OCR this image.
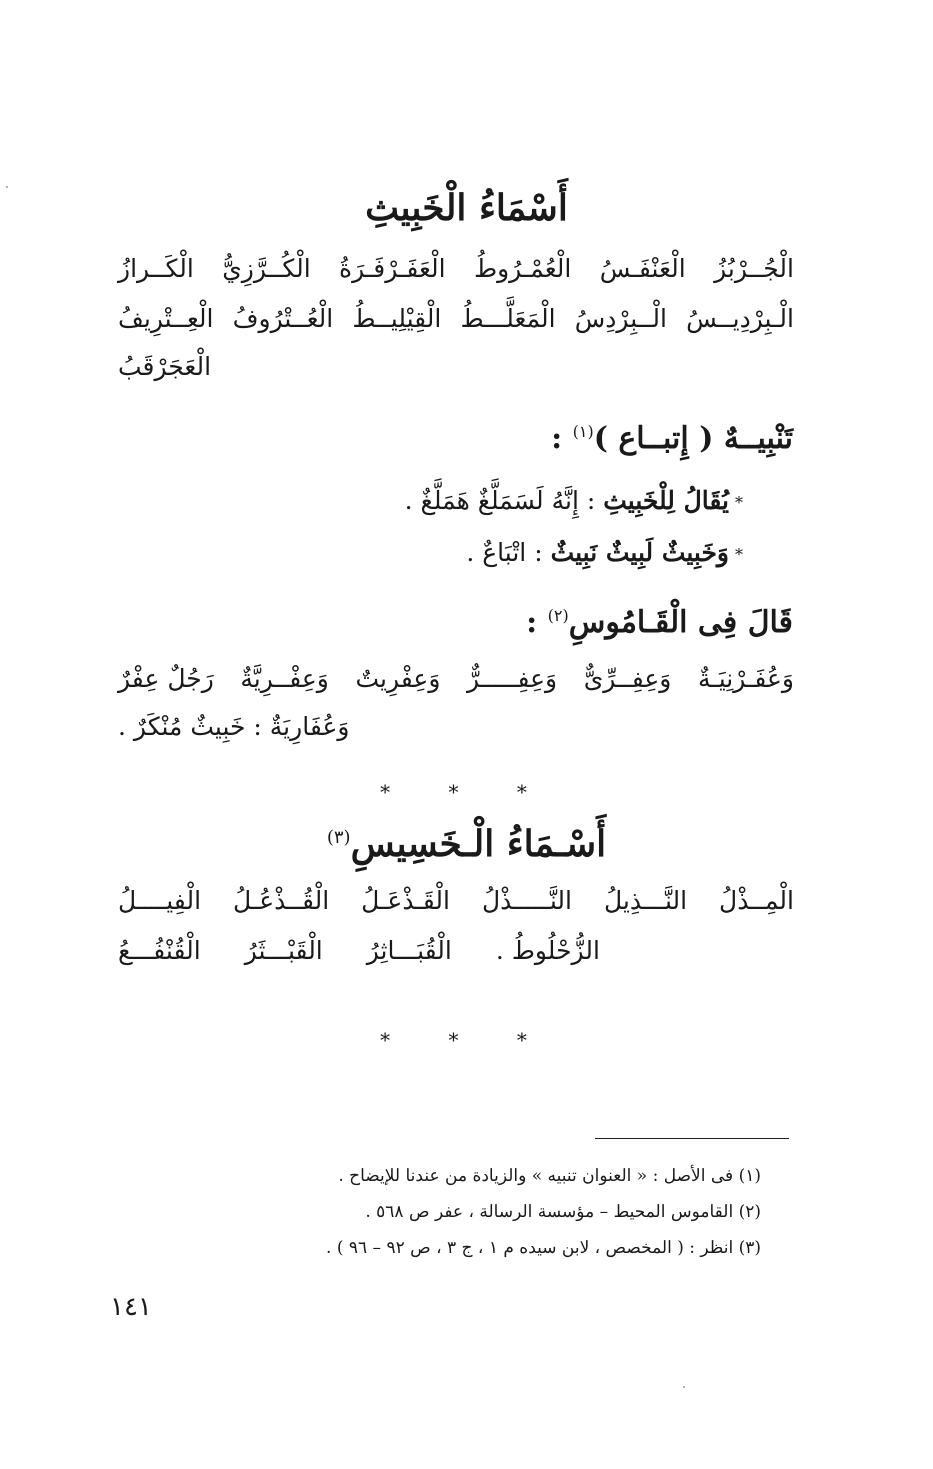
أَسْمَاءُ الْخَبِيثِ
الْكَــرازُ الْكُــرَّزِيُّ الْعَفَـرْفَـرَةُ الْعُمْـرُوطُ الْعَنْفَـسُ الْجُــرْبُزُ
الْعِــتْرِيفُ الْعُــتْرُوفُ الْقِيْلِيــطُ الْمَعَلَّـــطُ الْــبِرْدِسُ الْـبِرْدِيــسُ
الْعَجَرْقَبُ
تَنْبِيــهٌ ( إِتبــاع )$^{(١)}$ :
*يُقَالُ لِلْخَبِيثِ : إِنَّهُ لَسَمَلَّغٌ هَمَلَّغٌ .
*وَخَبِيثٌ لَبِيثٌ نَبِيثٌ : اتْبَاعٌ .
قَالَ فِى الْقَـامُوسِ$^{(٢)}$ :
رَجُلٌ عِفْرٌ وَعِفْــرِيَّةٌ وَعِفْرِيتٌ وَعِفِـــــرٌّ وَعِفِــرِّىٌّ وَعُفَـرْنِيَـةٌ
وَعُفَارِيَةٌ : خَبِيثٌ مُنْكَرٌ .
* * *
أَسْـمَاءُ الْـخَسِيسِ$^{(٣)}$
الْفِيــــلُ الْقُــذْعُـلُ الْقَـذْعَـلُ النَّـــــذْلُ النَّـــذِيلُ الْمِــذْلُ
الْقُنْفُـــعُ الْقَبْـــثَرُ الْقُبَـــاثِرُ الزُّحْلُوطُ .
* * *
(١) فى الأصل : « العنوان تنبيه » والزيادة من عندنا للإيضاح .
(٢) القاموس المحيط – مؤسسة الرسالة ، عفر ص ٥٦٨ .
(٣) انظر : ( المخصص ، لابن سيده م ١ ، ج ٣ ، ص ٩٢ – ٩٦ ) .
١٤١
